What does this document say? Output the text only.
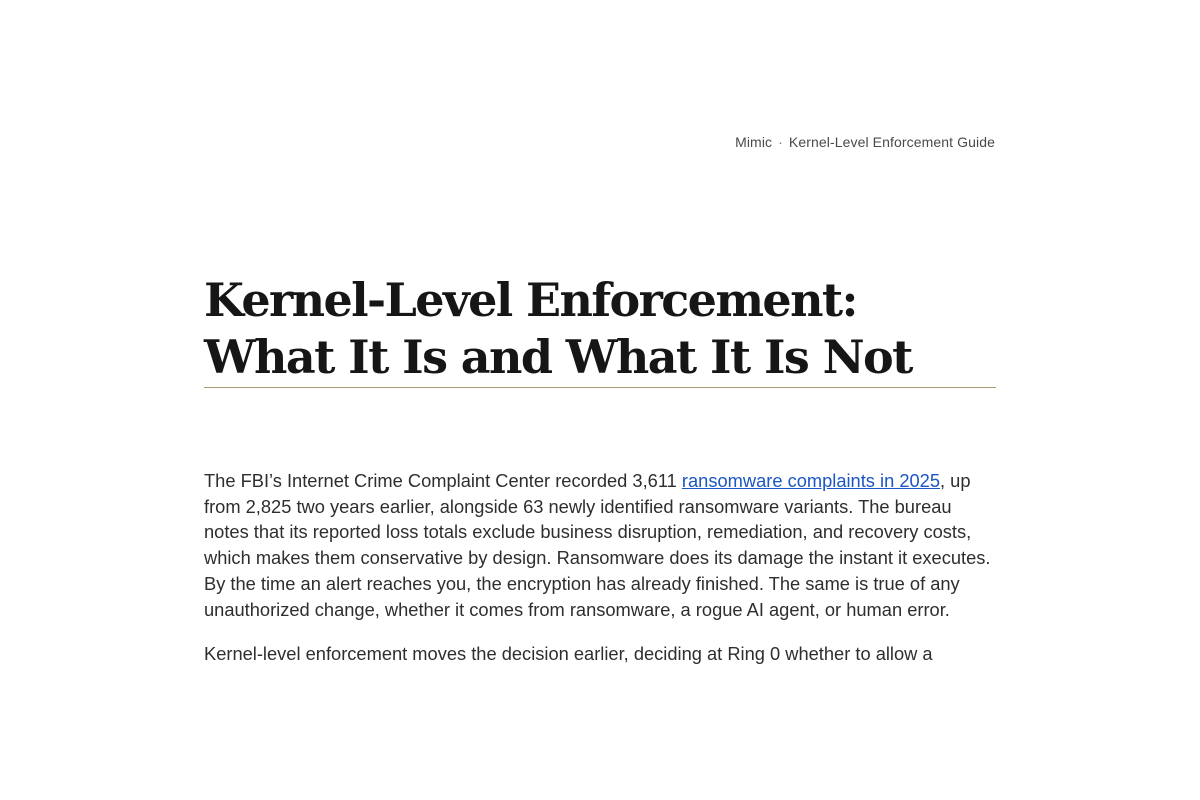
Mimic · Kernel-Level Enforcement Guide
Kernel-Level Enforcement: What It Is and What It Is Not

The FBI’s Internet Crime Complaint Center recorded 3,611 ransomware complaints in 2025, up from 2,825 two years earlier, alongside 63 newly identified ransomware variants. The bureau notes that its reported loss totals exclude business disruption, remediation, and recovery costs, which makes them conservative by design. Ransomware does its damage the instant it executes. By the time an alert reaches you, the encryption has already finished. The same is true of any unauthorized change, whether it comes from ransomware, a rogue AI agent, or human error.

Kernel-level enforcement moves the decision earlier, deciding at Ring 0 whether to allow a
